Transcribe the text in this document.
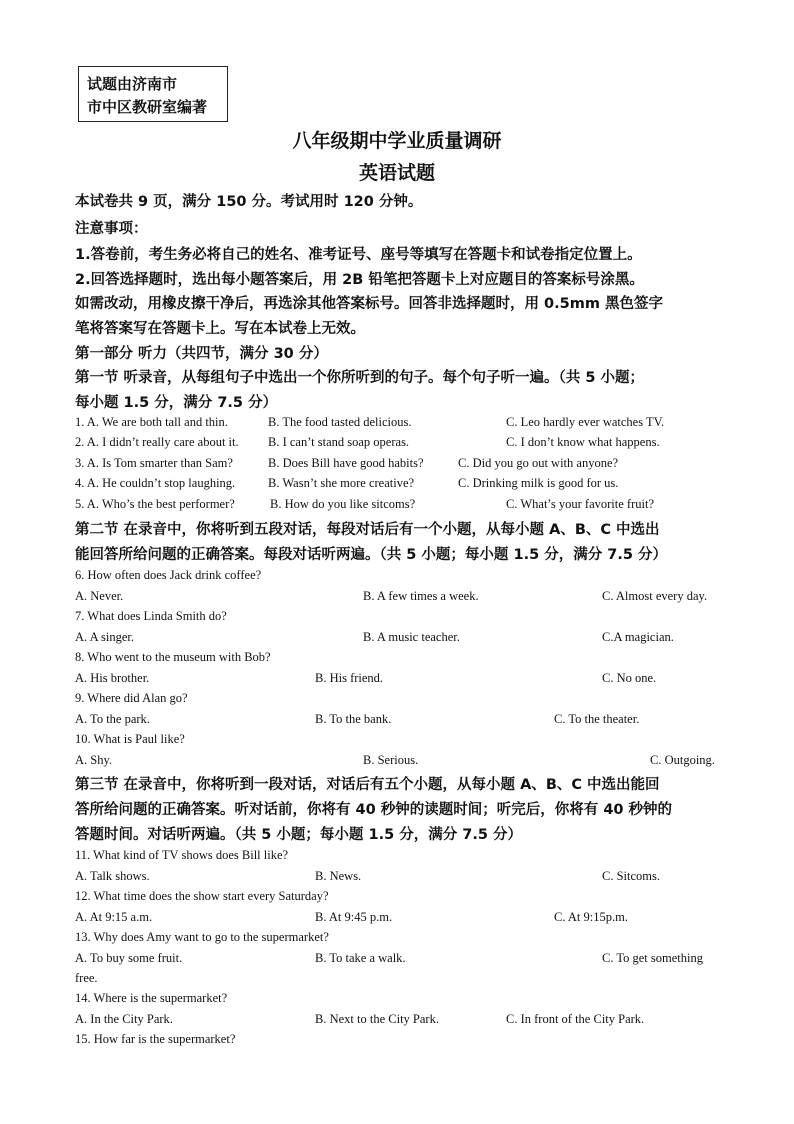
试题由济南市
市中区教研室编著
八年级期中学业质量调研
英语试题
本试卷共 9 页，满分 150 分。考试用时 120 分钟。
注意事项：
1.答卷前，考生务必将自己的姓名、准考证号、座号等填写在答题卡和试卷指定位置上。
2.回答选择题时，选出每小题答案后，用 2B 铅笔把答题卡上对应题目的答案标号涂黑。
如需改动，用橡皮擦干净后，再选涂其他答案标号。回答非选择题时，用 0.5mm 黑色签字
笔将答案写在答题卡上。写在本试卷上无效。
第一部分 听力（共四节，满分 30 分）
第一节 听录音，从每组句子中选出一个你所听到的句子。每个句子听一遍。（共 5 小题；
每小题 1.5 分，满分 7.5 分）
1. A. We are both tall and thin.	B. The food tasted delicious.	C. Leo hardly ever watches TV.
2. A. I didn’t really care about it. B. I can’t stand soap operas.	C. I don’t know what happens.
3. A. Is Tom smarter than Sam?	B. Does Bill have good habits?	C. Did you go out with anyone?
4. A. He couldn’t stop laughing.	B. Wasn’t she more creative?	C. Drinking milk is good for us.
5. A. Who’s the best performer?	B. How do you like sitcoms?	C. What’s your favorite fruit?
第二节 在录音中，你将听到五段对话，每段对话后有一个小题，从每小题 A、B、C 中选出
能回答所给问题的正确答案。每段对话听两遍。（共 5 小题；每小题 1.5 分，满分 7.5 分）
6. How often does Jack drink coffee?
A. Never.	B. A few times a week.	C. Almost every day.
7. What does Linda Smith do?
A. A singer.	B. A music teacher.	C.A magician.
8. Who went to the museum with Bob?
A. His brother.	B. His friend.	C. No one.
9. Where did Alan go?
A. To the park.	B. To the bank.	C. To the theater.
10. What is Paul like?
A. Shy.	B. Serious.	C. Outgoing.
第三节 在录音中，你将听到一段对话，对话后有五个小题，从每小题 A、B、C 中选出能回
答所给问题的正确答案。听对话前，你将有 40 秒钟的读题时间；听完后，你将有 40 秒钟的
答题时间。对话听两遍。（共 5 小题；每小题 1.5 分，满分 7.5 分）
11. What kind of TV shows does Bill like?
A. Talk shows.	B. News.	C. Sitcoms.
12. What time does the show start every Saturday?
A. At 9:15 a.m.	B. At 9:45 p.m.	C. At 9:15p.m.
13. Why does Amy want to go to the supermarket?
A. To buy some fruit.	B. To take a walk.	C. To get something
free.
14. Where is the supermarket?
A. In the City Park.	B. Next to the City Park.	C. In front of the City Park.
15. How far is the supermarket?
